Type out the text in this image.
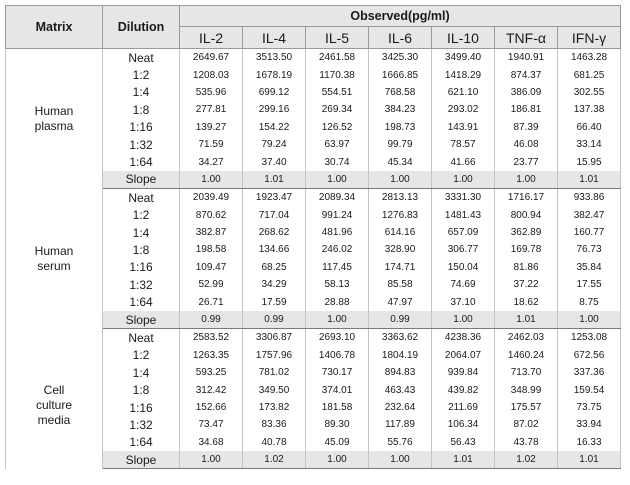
Matrix	Dilution	Observed(pg/ml)						
		IL-2	IL-4	IL-5	IL-6	IL-10	TNF-α	IFN-γ

Human
plasma	Neat	2649.67	3513.50	2461.58	3425.30	3499.40	1940.91	1463.28
	1:2	1208.03	1678.19	1170.38	1666.85	1418.29	874.37	681.25
	1:4	535.96	699.12	554.51	768.58	621.10	386.09	302.55
	1:8	277.81	299.16	269.34	384.23	293.02	186.81	137.38
	1:16	139.27	154.22	126.52	198.73	143.91	87.39	66.40
	1:32	71.59	79.24	63.97	99.79	78.57	46.08	33.14
	1:64	34.27	37.40	30.74	45.34	41.66	23.77	15.95
	Slope	1.00	1.01	1.00	1.00	1.00	1.00	1.01

Human
serum	Neat	2039.49	1923.47	2089.34	2813.13	3331.30	1716.17	933.86
	1:2	870.62	717.04	991.24	1276.83	1481.43	800.94	382.47
	1:4	382.87	268.62	481.96	614.16	657.09	362.89	160.77
	1:8	198.58	134.66	246.02	328.90	306.77	169.78	76.73
	1:16	109.47	68.25	117.45	174.71	150.04	81.86	35.84
	1:32	52.99	34.29	58.13	85.58	74.69	37.22	17.55
	1:64	26.71	17.59	28.88	47.97	37.10	18.62	8.75
	Slope	0.99	0.99	1.00	0.99	1.00	1.01	1.00

Cell
culture
media	Neat	2583.52	3306.87	2693.10	3363.62	4238.36	2462.03	1253.08
	1:2	1263.35	1757.96	1406.78	1804.19	2064.07	1460.24	672.56
	1:4	593.25	781.02	730.17	894.83	939.84	713.70	337.36
	1:8	312.42	349.50	374.01	463.43	439.82	348.99	159.54
	1:16	152.66	173.82	181.58	232.64	211.69	175.57	73.75
	1:32	73.47	83.36	89.30	117.89	106.34	87.02	33.94
	1:64	34.68	40.78	45.09	55.76	56.43	43.78	16.33
	Slope	1.00	1.02	1.00	1.00	1.01	1.02	1.01
